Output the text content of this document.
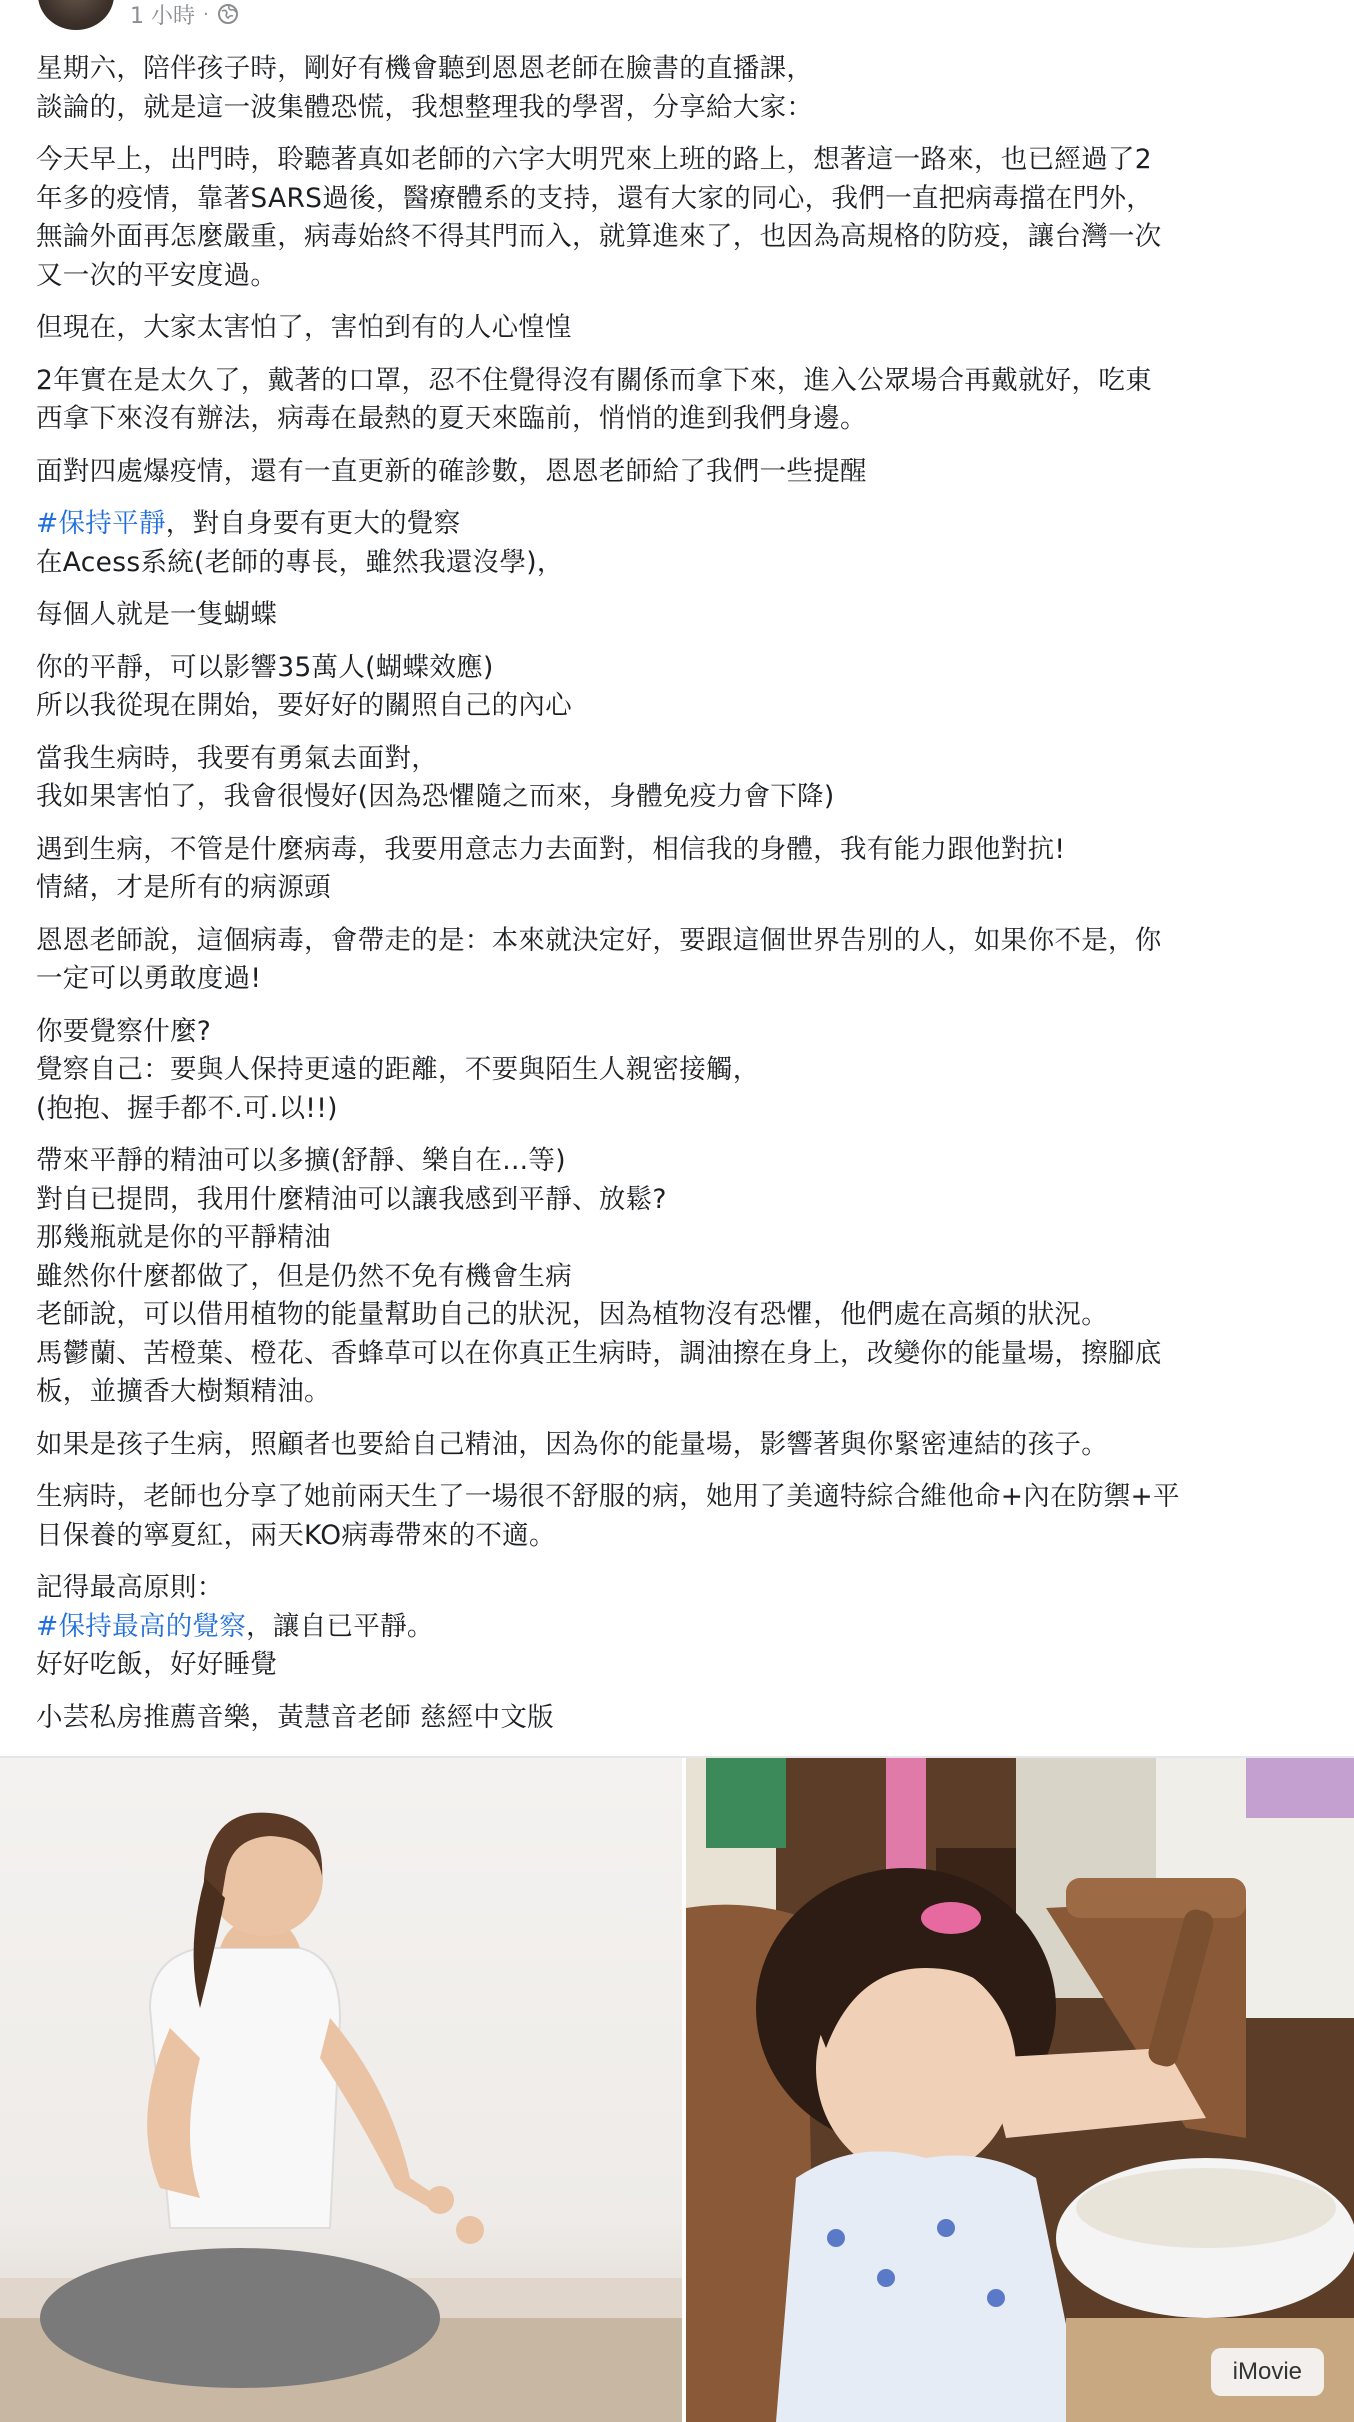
1 小時 ·

星期六，陪伴孩子時，剛好有機會聽到恩恩老師在臉書的直播課，
談論的，就是這一波集體恐慌，我想整理我的學習，分享給大家：

今天早上，出門時，聆聽著真如老師的六字大明咒來上班的路上，想著這一路來，也已經過了2
年多的疫情，靠著SARS過後，醫療體系的支持，還有大家的同心，我們一直把病毒擋在門外，
無論外面再怎麼嚴重，病毒始終不得其門而入，就算進來了，也因為高規格的防疫，讓台灣一次
又一次的平安度過。

但現在，大家太害怕了，害怕到有的人心惶惶

2年實在是太久了，戴著的口罩，忍不住覺得沒有關係而拿下來，進入公眾場合再戴就好，吃東
西拿下來沒有辦法，病毒在最熱的夏天來臨前，悄悄的進到我們身邊。

面對四處爆疫情，還有一直更新的確診數，恩恩老師給了我們一些提醒

#保持平靜，對自身要有更大的覺察
在Acess系統(老師的專長，雖然我還沒學)，

每個人就是一隻蝴蝶

你的平靜，可以影響35萬人(蝴蝶效應)
所以我從現在開始，要好好的關照自己的內心

當我生病時，我要有勇氣去面對，
我如果害怕了，我會很慢好(因為恐懼隨之而來，身體免疫力會下降)

遇到生病，不管是什麼病毒，我要用意志力去面對，相信我的身體，我有能力跟他對抗!
情緒，才是所有的病源頭

恩恩老師說，這個病毒，會帶走的是：本來就決定好，要跟這個世界告別的人，如果你不是，你
一定可以勇敢度過!

你要覺察什麼?
覺察自己：要與人保持更遠的距離，不要與陌生人親密接觸，
(抱抱、握手都不.可.以!!)

帶來平靜的精油可以多擴(舒靜、樂自在...等)
對自已提問，我用什麼精油可以讓我感到平靜、放鬆?
那幾瓶就是你的平靜精油
雖然你什麼都做了，但是仍然不免有機會生病
老師說，可以借用植物的能量幫助自己的狀況，因為植物沒有恐懼，他們處在高頻的狀況。
馬鬱蘭、苦橙葉、橙花、香蜂草可以在你真正生病時，調油擦在身上，改變你的能量場，擦腳底
板，並擴香大樹類精油。

如果是孩子生病，照顧者也要給自己精油，因為你的能量場，影響著與你緊密連結的孩子。

生病時，老師也分享了她前兩天生了一場很不舒服的病，她用了美適特綜合維他命+內在防禦+平
日保養的寧夏紅，兩天KO病毒帶來的不適。

記得最高原則：
#保持最高的覺察，讓自已平靜。
好好吃飯，好好睡覺

小芸私房推薦音樂，黃慧音老師 慈經中文版

iMovie
